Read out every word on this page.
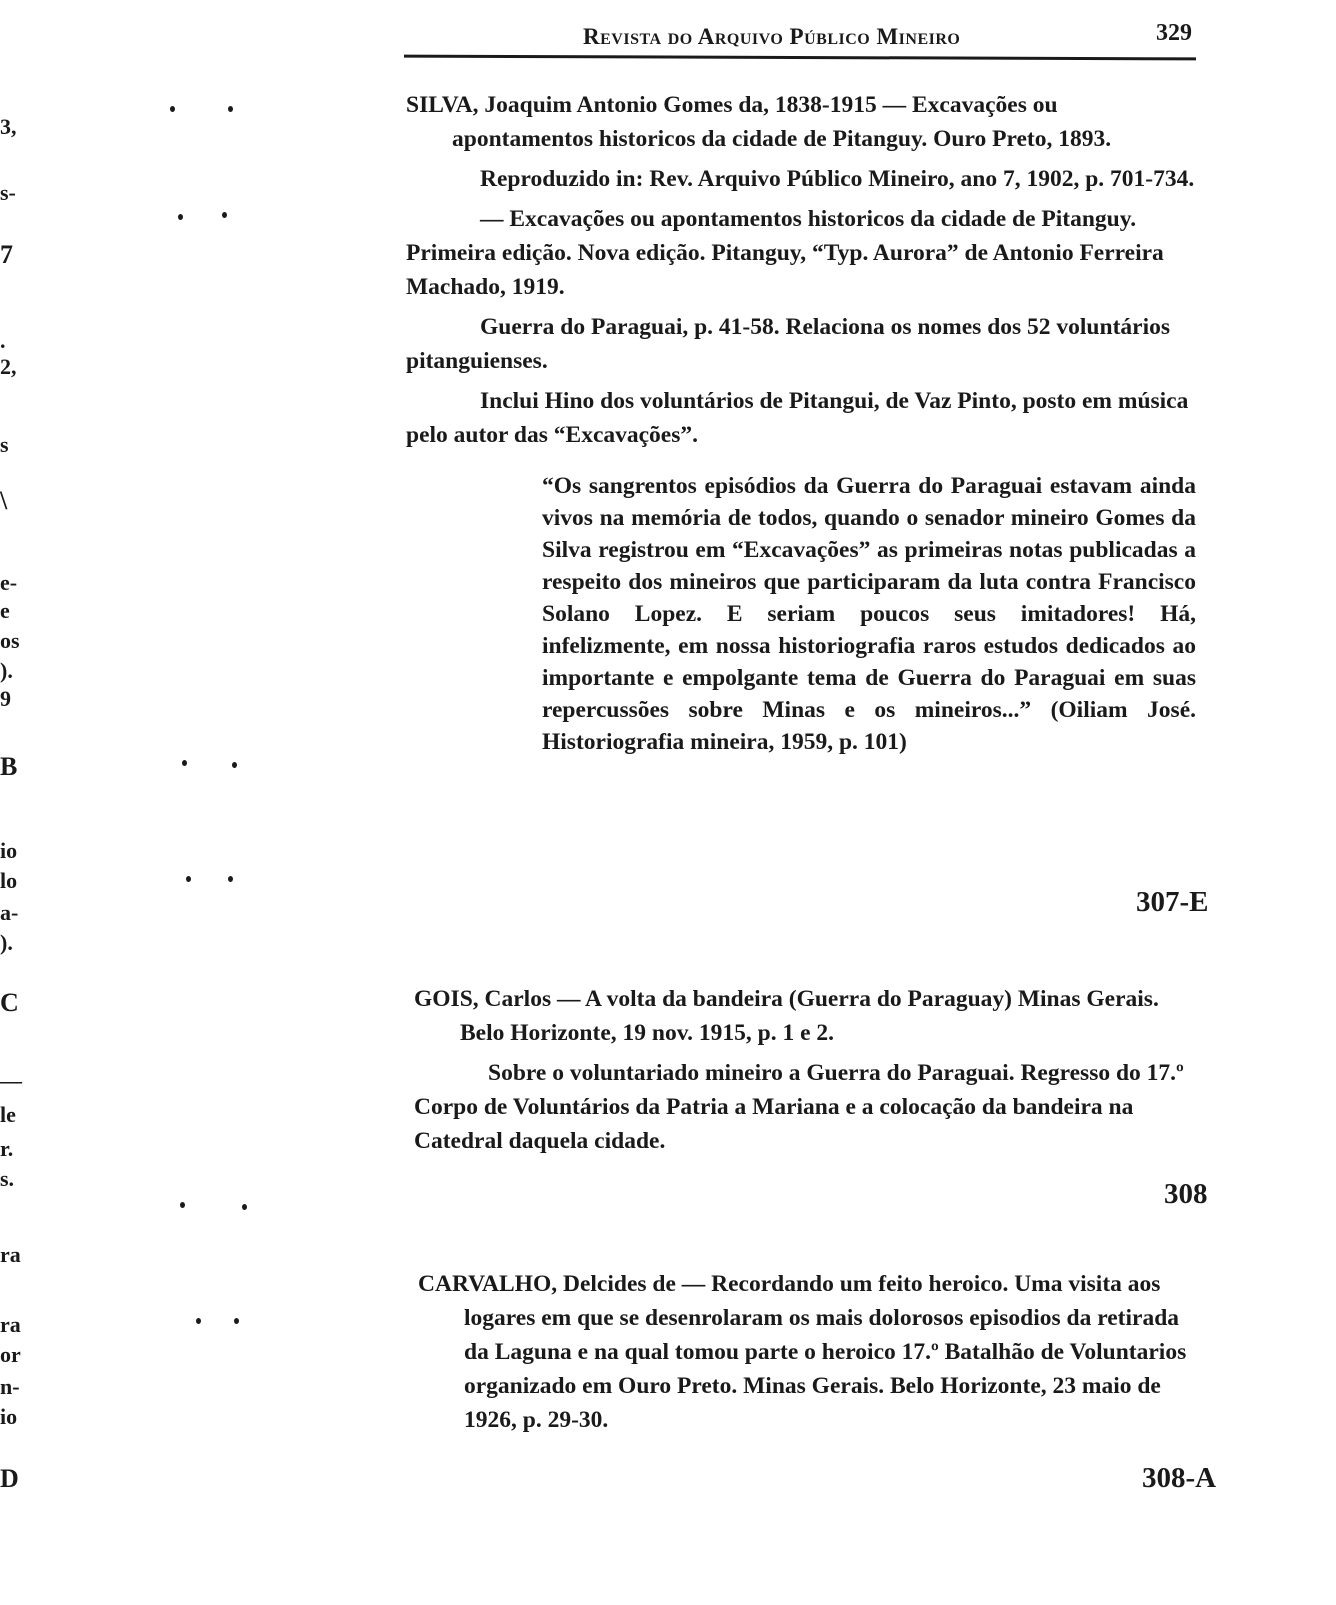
Revista do Arquivo Público Mineiro	329

SILVA, Joaquim Antonio Gomes da, 1838-1915 — Excavações ou apontamentos historicos da cidade de Pitanguy. Ouro Preto, 1893.

Reproduzido in: Rev. Arquivo Público Mineiro, ano 7, 1902, p. 701-734.

— Excavações ou apontamentos historicos da cidade de Pitanguy. Primeira edição. Nova edição. Pitanguy, “Typ. Aurora” de Antonio Ferreira Machado, 1919.

Guerra do Paraguai, p. 41-58. Relaciona os nomes dos 52 voluntários pitanguienses.

Inclui Hino dos voluntários de Pitangui, de Vaz Pinto, posto em música pelo autor das “Excavações”.

“Os sangrentos episódios da Guerra do Paraguai estavam ainda vivos na memória de todos, quando o senador mineiro Gomes da Silva registrou em “Excavações” as primeiras notas publicadas a respeito dos mineiros que participaram da luta contra Francisco Solano Lopez. E seriam poucos seus imitadores! Há, infelizmente, em nossa historiografia raros estudos dedicados ao importante e empolgante tema de Guerra do Paraguai em suas repercussões sobre Minas e os mineiros...” (Oiliam José. Historiografia mineira, 1959, p. 101)

307-E

GOIS, Carlos — A volta da bandeira (Guerra do Paraguay) Minas Gerais. Belo Horizonte, 19 nov. 1915, p. 1 e 2.

Sobre o voluntariado mineiro a Guerra do Paraguai. Regresso do 17.º Corpo de Voluntários da Patria a Mariana e a colocação da bandeira na Catedral daquela cidade.

308

CARVALHO, Delcides de — Recordando um feito heroico. Uma visita aos logares em que se desenrolaram os mais dolorosos episodios da retirada da Laguna e na qual tomou parte o heroico 17.º Batalhão de Voluntarios organizado em Ouro Preto. Minas Gerais. Belo Horizonte, 23 maio de 1926, p. 29-30.

308-A
3,
s-
7
.
2,
s
\
e-
e
os
).
9
B
io
lo
a-
).
C
—
le
r.
s.
ra
ra
or
n-
io
D
